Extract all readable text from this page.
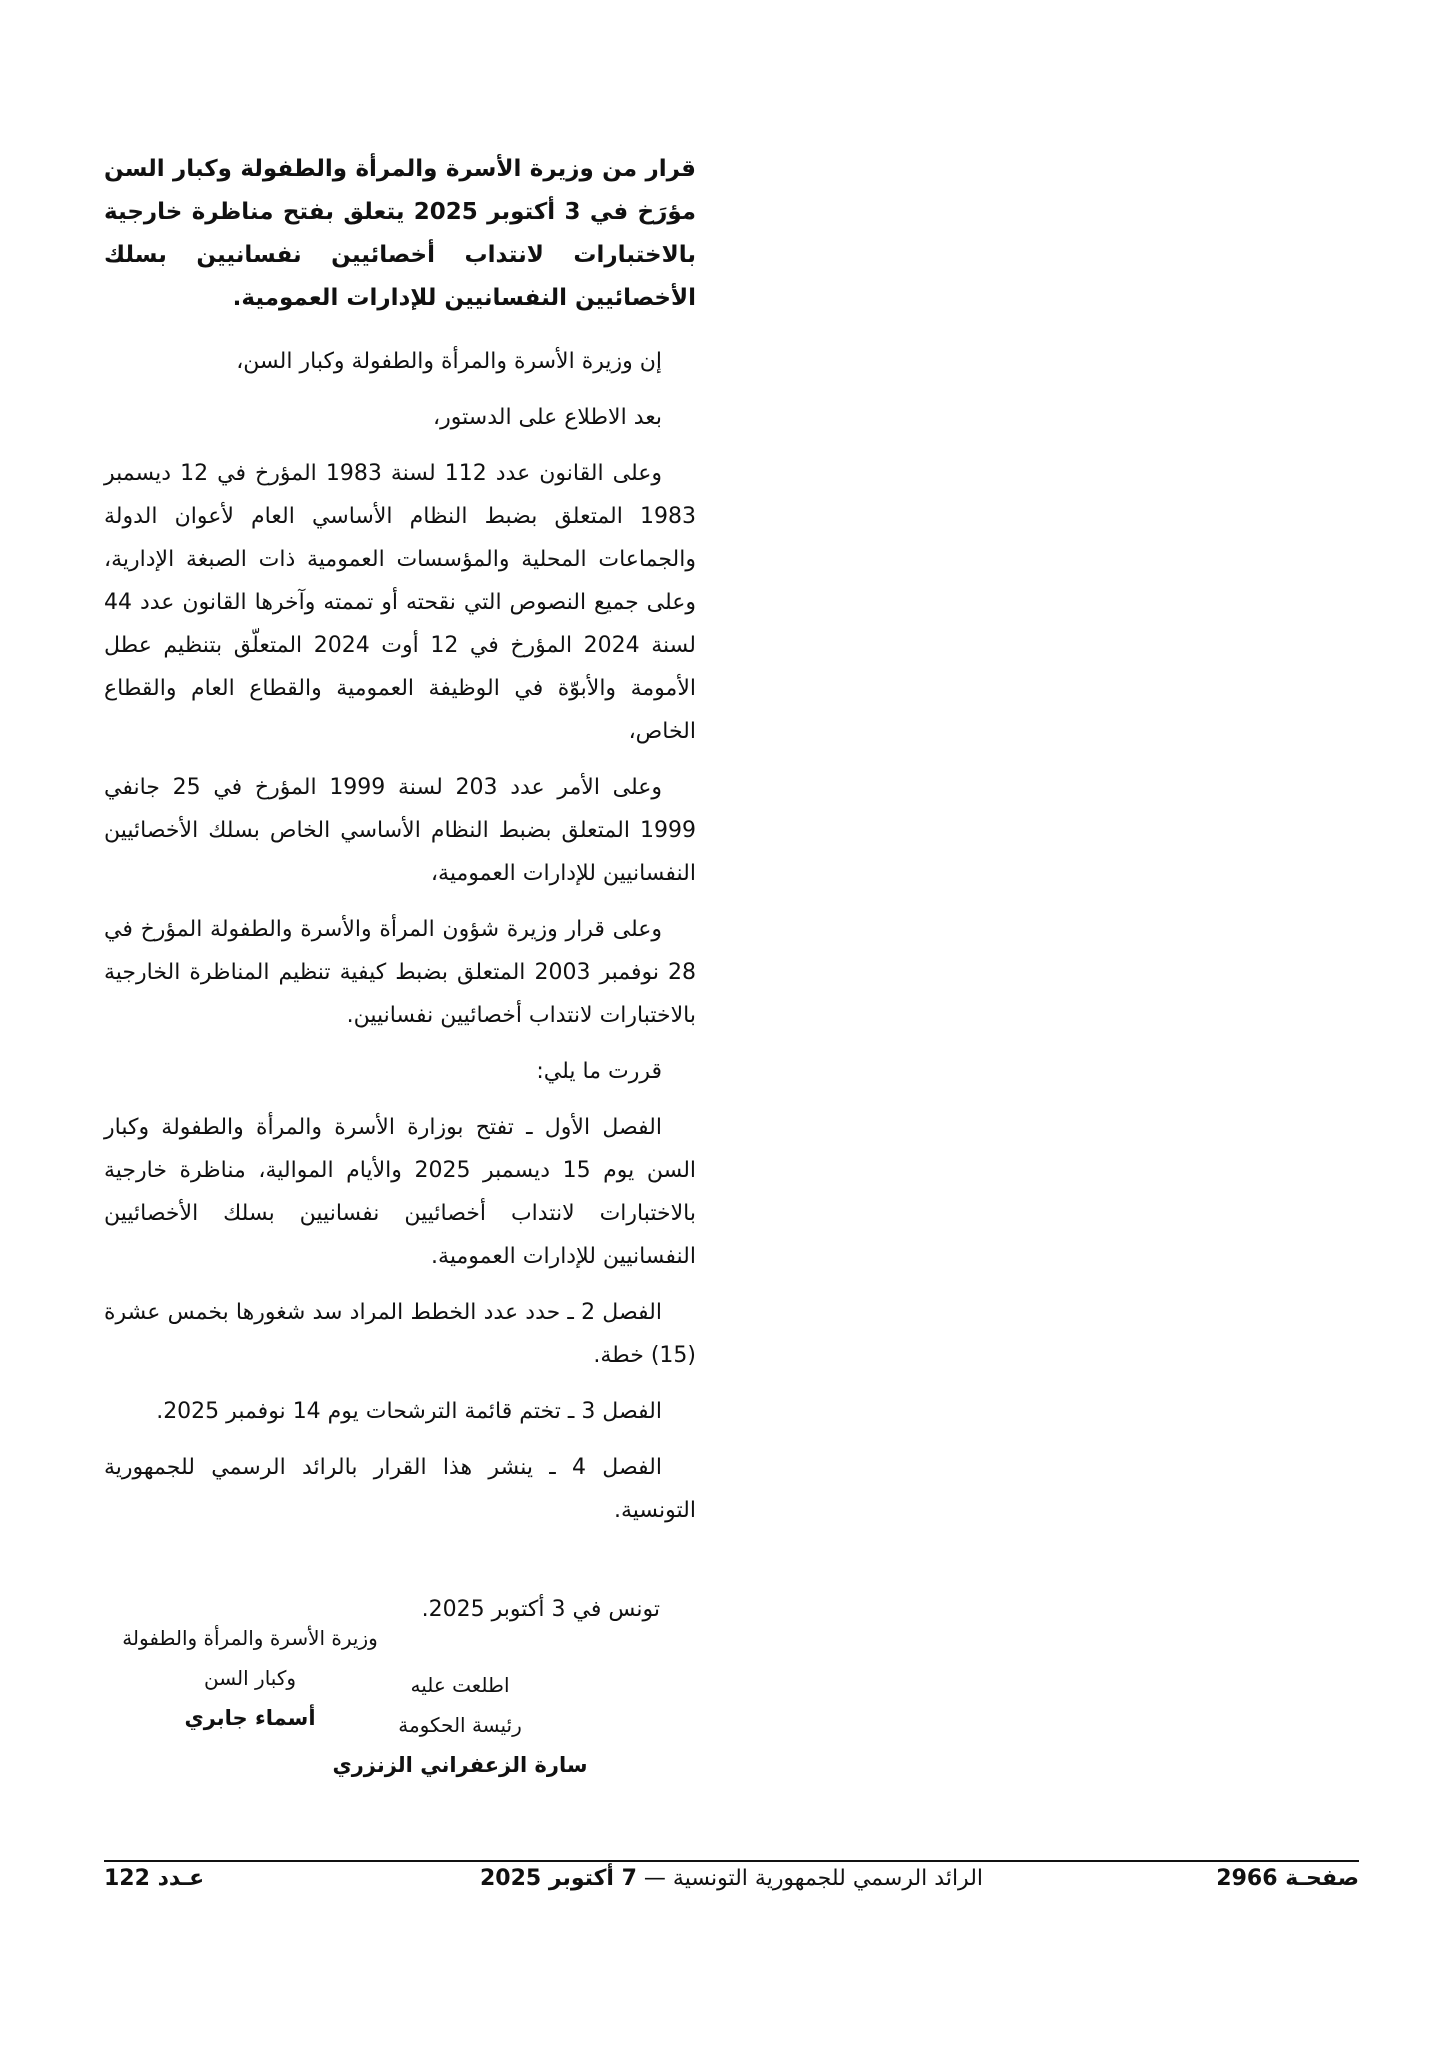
قرار من وزيرة الأسرة والمرأة والطفولة وكبار السن مؤرَخ في 3 أكتوبر 2025 يتعلق بفتح مناظرة خارجية بالاختبارات لانتداب أخصائيين نفسانيين بسلك الأخصائيين النفسانيين للإدارات العمومية.

إن وزيرة الأسرة والمرأة والطفولة وكبار السن،

بعد الاطلاع على الدستور،

وعلى القانون عدد 112 لسنة 1983 المؤرخ في 12 ديسمبر 1983 المتعلق بضبط النظام الأساسي العام لأعوان الدولة والجماعات المحلية والمؤسسات العمومية ذات الصبغة الإدارية، وعلى جميع النصوص التي نقحته أو تممته وآخرها القانون عدد 44 لسنة 2024 المؤرخ في 12 أوت 2024 المتعلّق بتنظيم عطل الأمومة والأبوّة في الوظيفة العمومية والقطاع العام والقطاع الخاص،

وعلى الأمر عدد 203 لسنة 1999 المؤرخ في 25 جانفي 1999 المتعلق بضبط النظام الأساسي الخاص بسلك الأخصائيين النفسانيين للإدارات العمومية،

وعلى قرار وزيرة شؤون المرأة والأسرة والطفولة المؤرخ في 28 نوفمبر 2003 المتعلق بضبط كيفية تنظيم المناظرة الخارجية بالاختبارات لانتداب أخصائيين نفسانيين.

قررت ما يلي:

الفصل الأول ـ تفتح بوزارة الأسرة والمرأة والطفولة وكبار السن يوم 15 ديسمبر 2025 والأيام الموالية، مناظرة خارجية بالاختبارات لانتداب أخصائيين نفسانيين بسلك الأخصائيين النفسانيين للإدارات العمومية.

الفصل 2 ـ حدد عدد الخطط المراد سد شغورها بخمس عشرة (15) خطة.

الفصل 3 ـ تختم قائمة الترشحات يوم 14 نوفمبر 2025.

الفصل 4 ـ ينشر هذا القرار بالرائد الرسمي للجمهورية التونسية.

تونس في 3 أكتوبر 2025.
وزيرة الأسرة والمرأة والطفولة
وكبار السن
أسماء جابري
اطلعت عليه
رئيسة الحكومة
سارة الزعفراني الزنزري
صفحـة 2966
الرائد الرسمي للجمهورية التونسية — 7 أكتوبر 2025
عـدد 122
